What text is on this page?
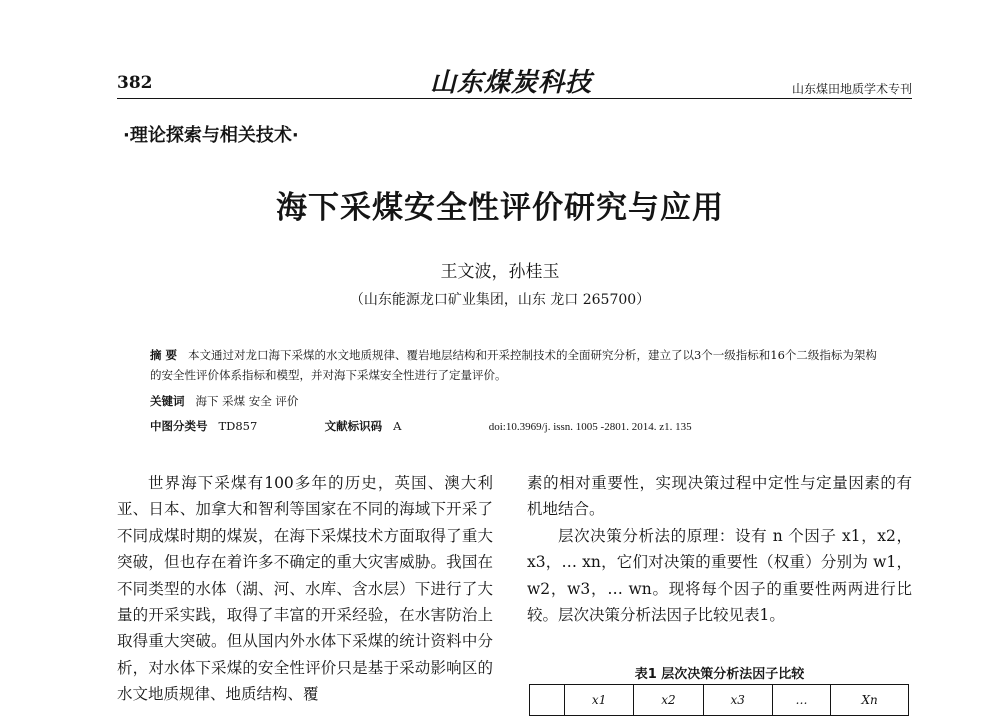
382	山东煤炭科技	山东煤田地质学术专刊
·理论探索与相关技术·
海下采煤安全性评价研究与应用
王文波，孙桂玉
（山东能源龙口矿业集团，山东 龙口 265700）
摘 要 本文通过对龙口海下采煤的水文地质规律、覆岩地层结构和开采控制技术的全面研究分析，建立了以3个一级指标和16个二级指标为架构的安全性评价体系指标和模型，并对海下采煤安全性进行了定量评价。
关键词 海下 采煤 安全 评价
中图分类号 TD857	文献标识码 A	doi:10.3969/j. issn. 1005 -2801. 2014. z1. 135

世界海下采煤有100多年的历史，英国、澳大利亚、日本、加拿大和智利等国家在不同的海域下开采了不同成煤时期的煤炭，在海下采煤技术方面取得了重大突破，但也存在着许多不确定的重大灾害威胁。我国在不同类型的水体（湖、河、水库、含水层）下进行了大量的开采实践，取得了丰富的开采经验，在水害防治上取得重大突破。但从国内外水体下采煤的统计资料中分析，对水体下采煤的安全性评价只是基于采动影响区的水文地质规律、地质结构、覆

素的相对重要性，实现决策过程中定性与定量因素的有机地结合。

层次决策分析法的原理：设有 n 个因子 x1，x2，x3，… xn，它们对决策的重要性（权重）分别为 w1，w2，w3，… wn。现将每个因子的重要性两两进行比较。层次决策分析法因子比较见表1。

表1 层次决策分析法因子比较
	x1	x2	x3	…	Xn
